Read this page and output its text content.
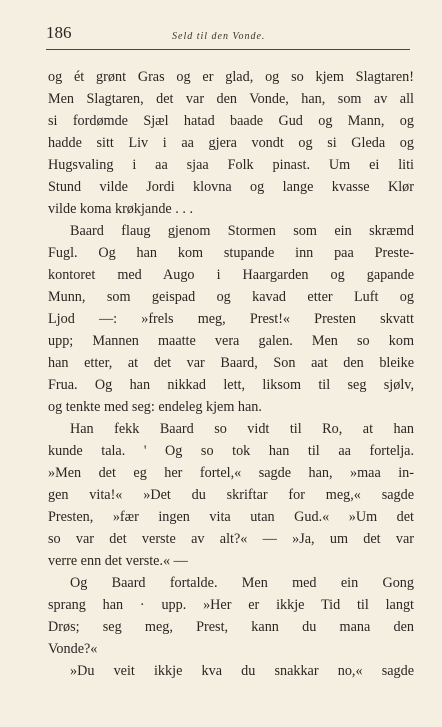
186	Seld til den Vonde.
og ét grønt Gras og er glad, og so kjem Slagtaren!
Men Slagtaren, det var den Vonde, han, som av all
si fordømde Sjæl hatad baade Gud og Mann, og
hadde sitt Liv i aa gjera vondt og si Gleda og
Hugsvaling i aa sjaa Folk pinast. Um ei liti
Stund vilde Jordi klovna og lange kvasse Klør
vilde koma krøkjande . . .
Baard flaug gjenom Stormen som ein skræmd
Fugl. Og han kom stupande inn paa Preste-
kontoret med Augo i Haargarden og gapande
Munn, som geispad og kavad etter Luft og
Ljod —: »frels meg, Prest!« Presten skvatt
upp; Mannen maatte vera galen. Men so kom
han etter, at det var Baard, Son aat den bleike
Frua. Og han nikkad lett, liksom til seg sjølv,
og tenkte med seg: endeleg kjem han.
Han fekk Baard so vidt til Ro, at han
kunde tala. ' Og so tok han til aa fortelja.
»Men det eg her fortel,« sagde han, »maa in-
gen vita!« »Det du skriftar for meg,« sagde
Presten, »fær ingen vita utan Gud.« »Um det
so var det verste av alt?« — »Ja, um det var
verre enn det verste.« —
Og Baard fortalde. Men med ein Gong
sprang han · upp. »Her er ikkje Tid til langt
Drøs; seg meg, Prest, kann du mana den
Vonde?«
»Du veit ikkje kva du snakkar no,« sagde
